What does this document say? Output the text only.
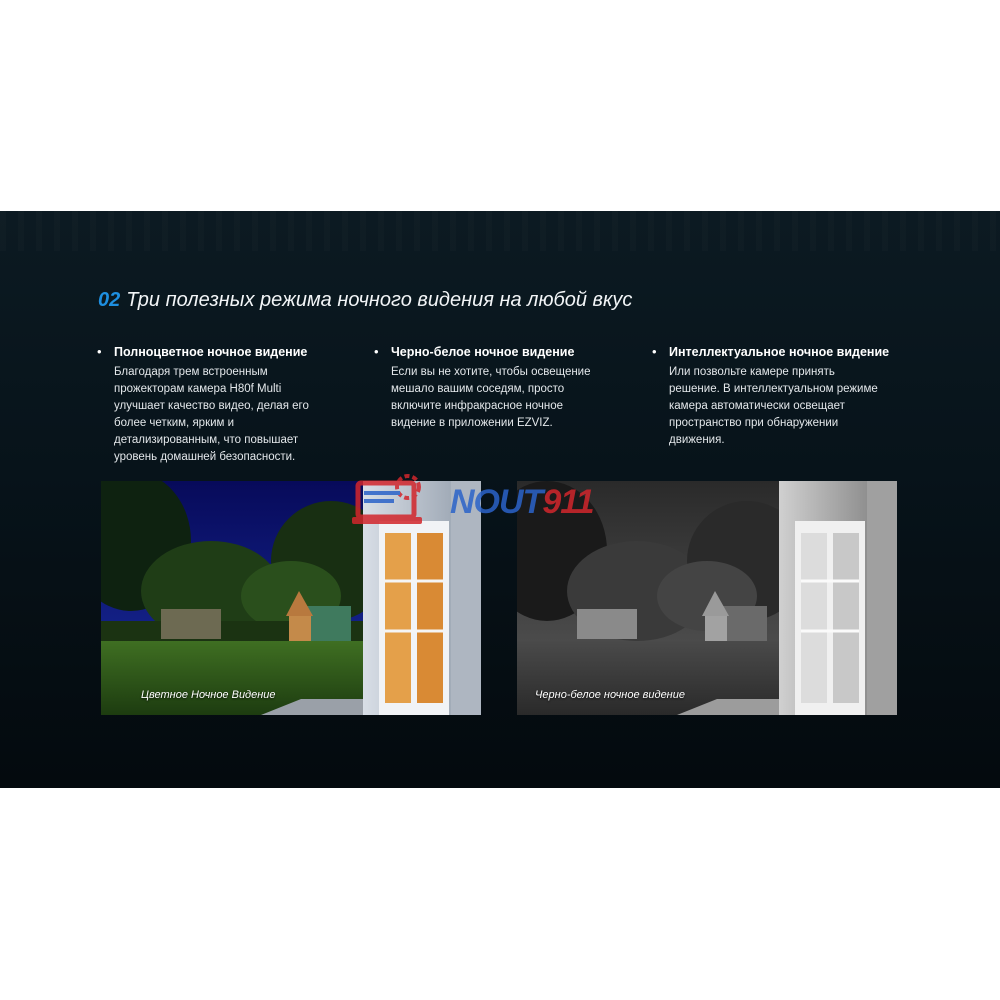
02 Три полезных режима ночного видения на любой вкус
• Полноцветное ночное видение

Благодаря трем встроенным
прожекторам камера H80f Multi
улучшает качество видео, делая его
более четким, ярким и
детализированным, что повышает
уровень домашней безопасности.

• Черно-белое ночное видение

Если вы не хотите, чтобы освещение
мешало вашим соседям, просто
включите инфракрасное ночное
видение в приложении EZVIZ.

• Интеллектуальное ночное видение

Или позвольте камере принять
решение. В интеллектуальном режиме
камера автоматически освещает
пространство при обнаружении
движения.

Цветное Ночное Видение	Черно-белое ночное видение
NOUT911
